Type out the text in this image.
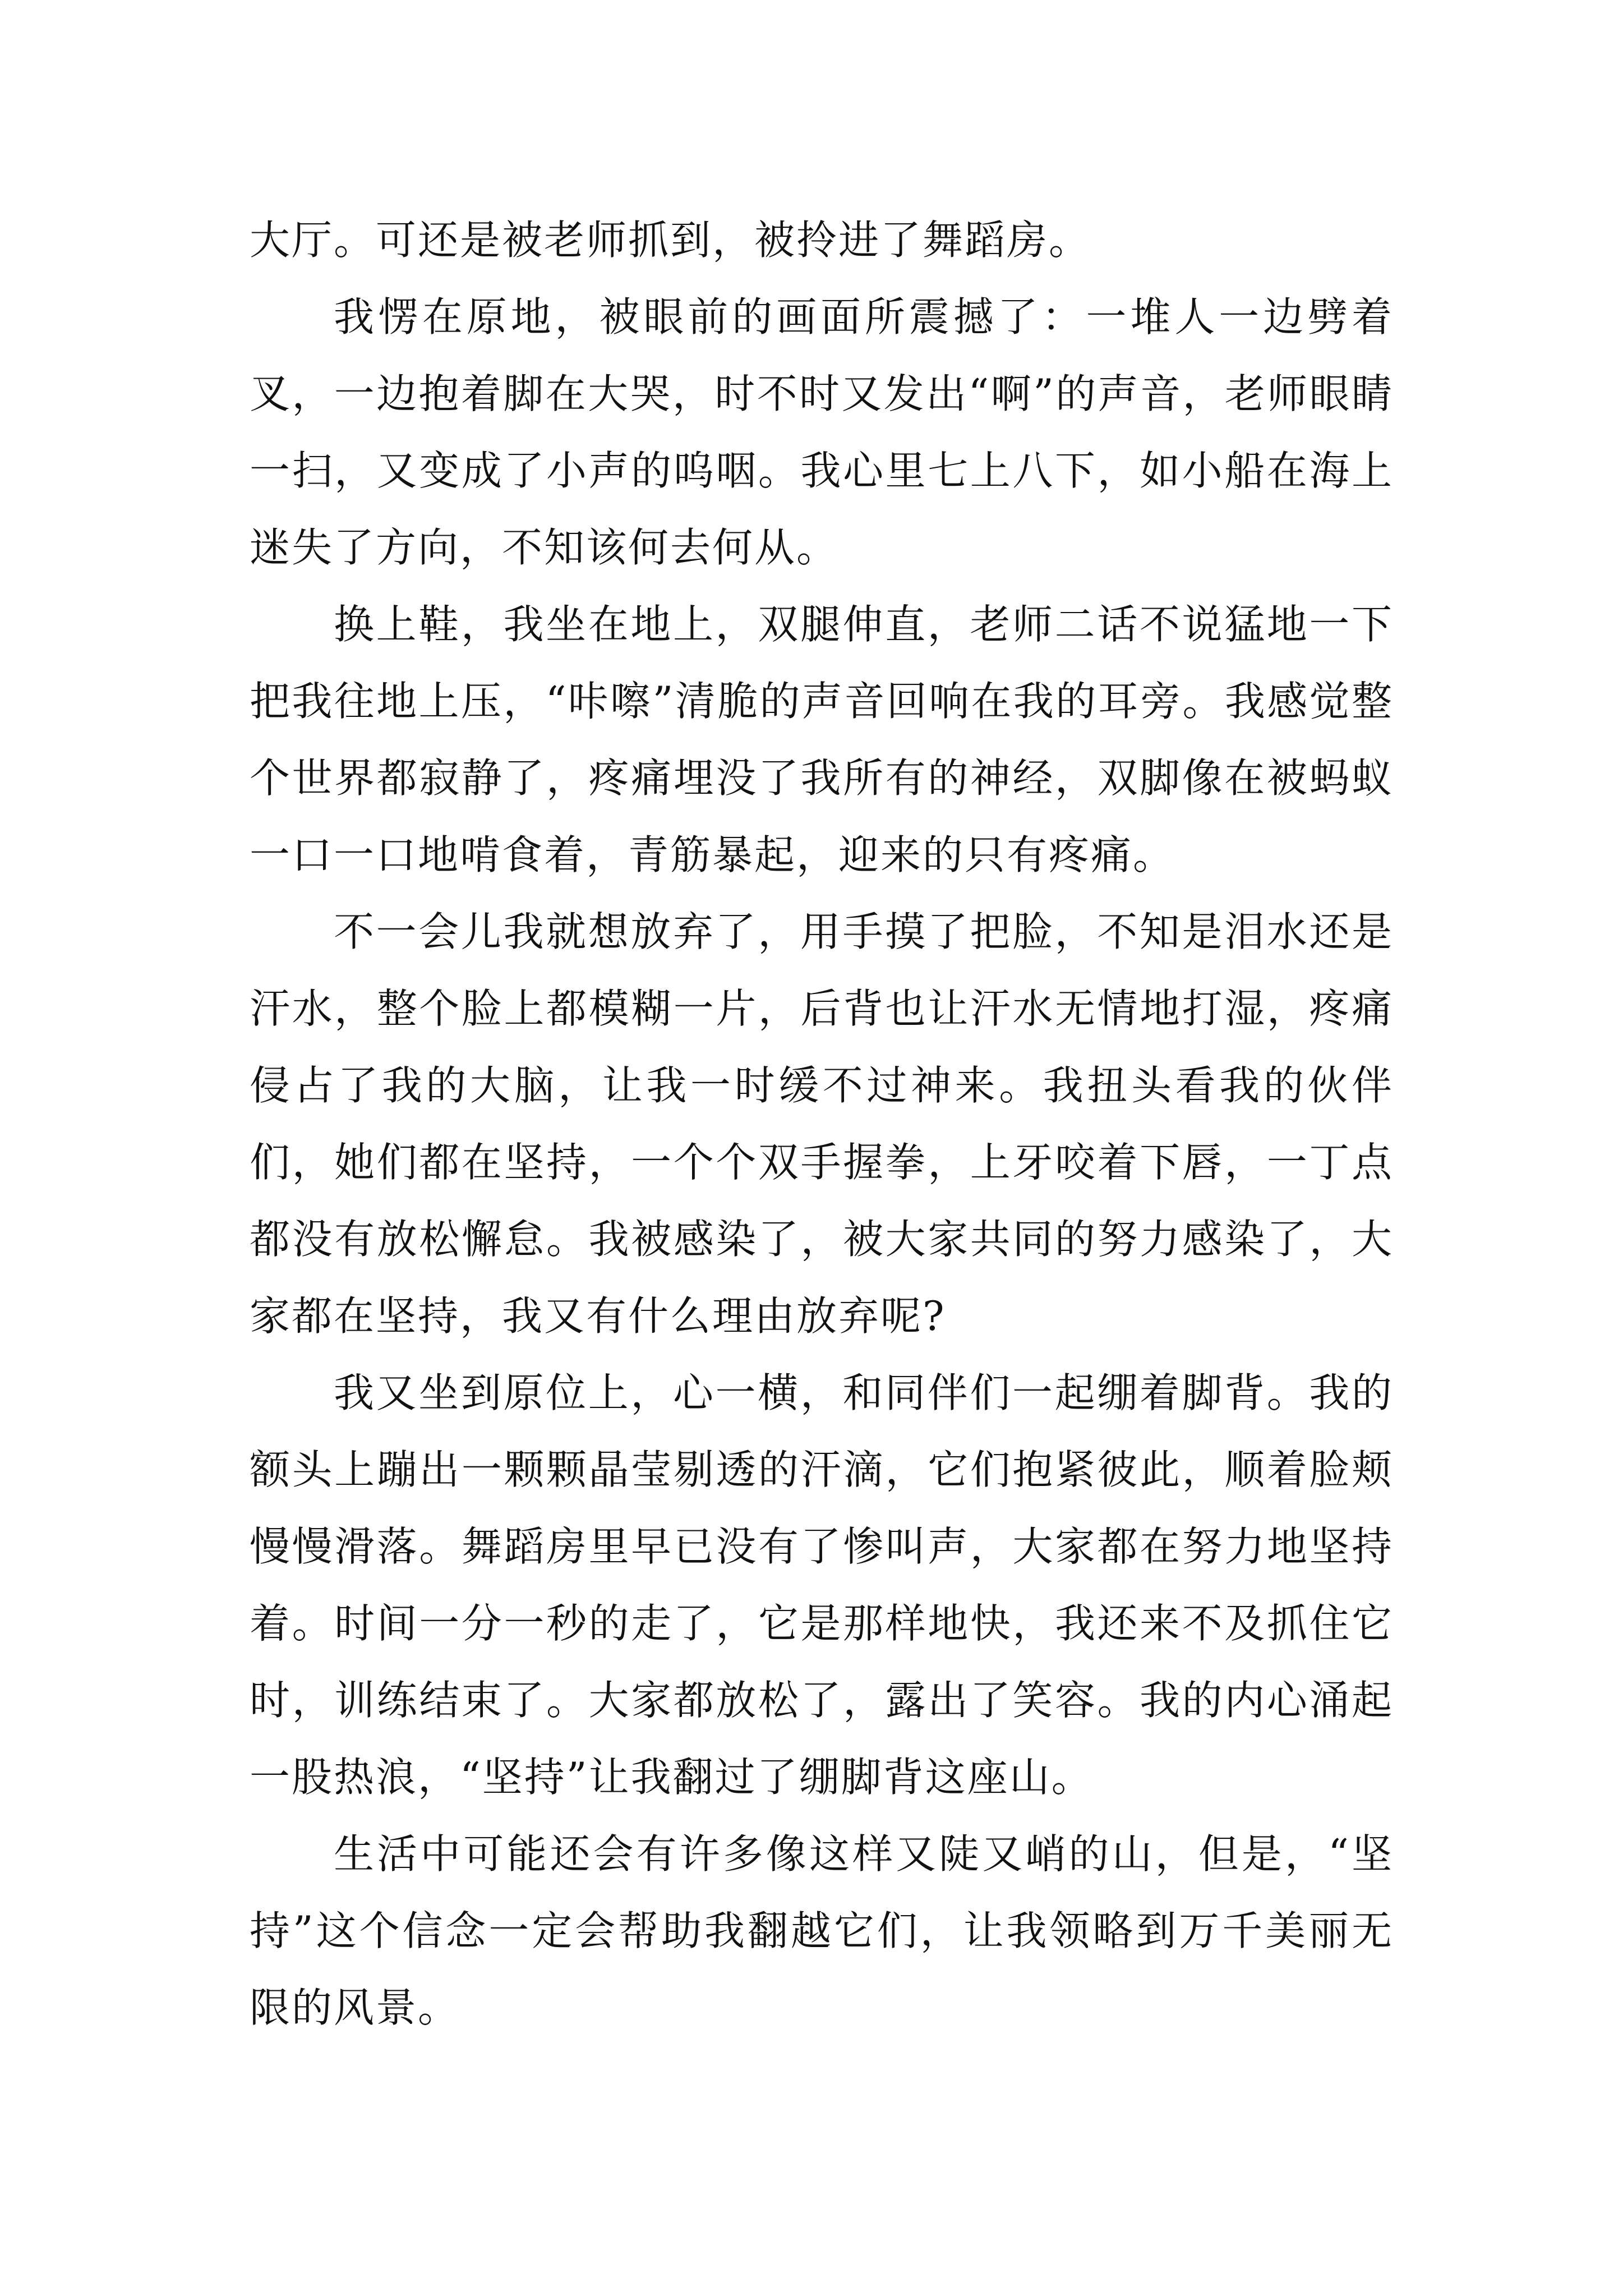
大厅。可还是被老师抓到，被拎进了舞蹈房。

我愣在原地，被眼前的画面所震撼了：一堆人一边劈着叉，一边抱着脚在大哭，时不时又发出“啊”的声音，老师眼睛一扫，又变成了小声的呜咽。我心里七上八下，如小船在海上迷失了方向，不知该何去何从。

换上鞋，我坐在地上，双腿伸直，老师二话不说猛地一下把我往地上压，“咔嚓”清脆的声音回响在我的耳旁。我感觉整个世界都寂静了，疼痛埋没了我所有的神经，双脚像在被蚂蚁一口一口地啃食着，青筋暴起，迎来的只有疼痛。

不一会儿我就想放弃了，用手摸了把脸，不知是泪水还是汗水，整个脸上都模糊一片，后背也让汗水无情地打湿，疼痛侵占了我的大脑，让我一时缓不过神来。我扭头看我的伙伴们，她们都在坚持，一个个双手握拳，上牙咬着下唇，一丁点都没有放松懈怠。我被感染了，被大家共同的努力感染了，大家都在坚持，我又有什么理由放弃呢?

我又坐到原位上，心一横，和同伴们一起绷着脚背。我的额头上蹦出一颗颗晶莹剔透的汗滴，它们抱紧彼此，顺着脸颊慢慢滑落。舞蹈房里早已没有了惨叫声，大家都在努力地坚持着。时间一分一秒的走了，它是那样地快，我还来不及抓住它时，训练结束了。大家都放松了，露出了笑容。我的内心涌起一股热浪，“坚持”让我翻过了绷脚背这座山。

生活中可能还会有许多像这样又陡又峭的山，但是，“坚持”这个信念一定会帮助我翻越它们，让我领略到万千美丽无限的风景。
